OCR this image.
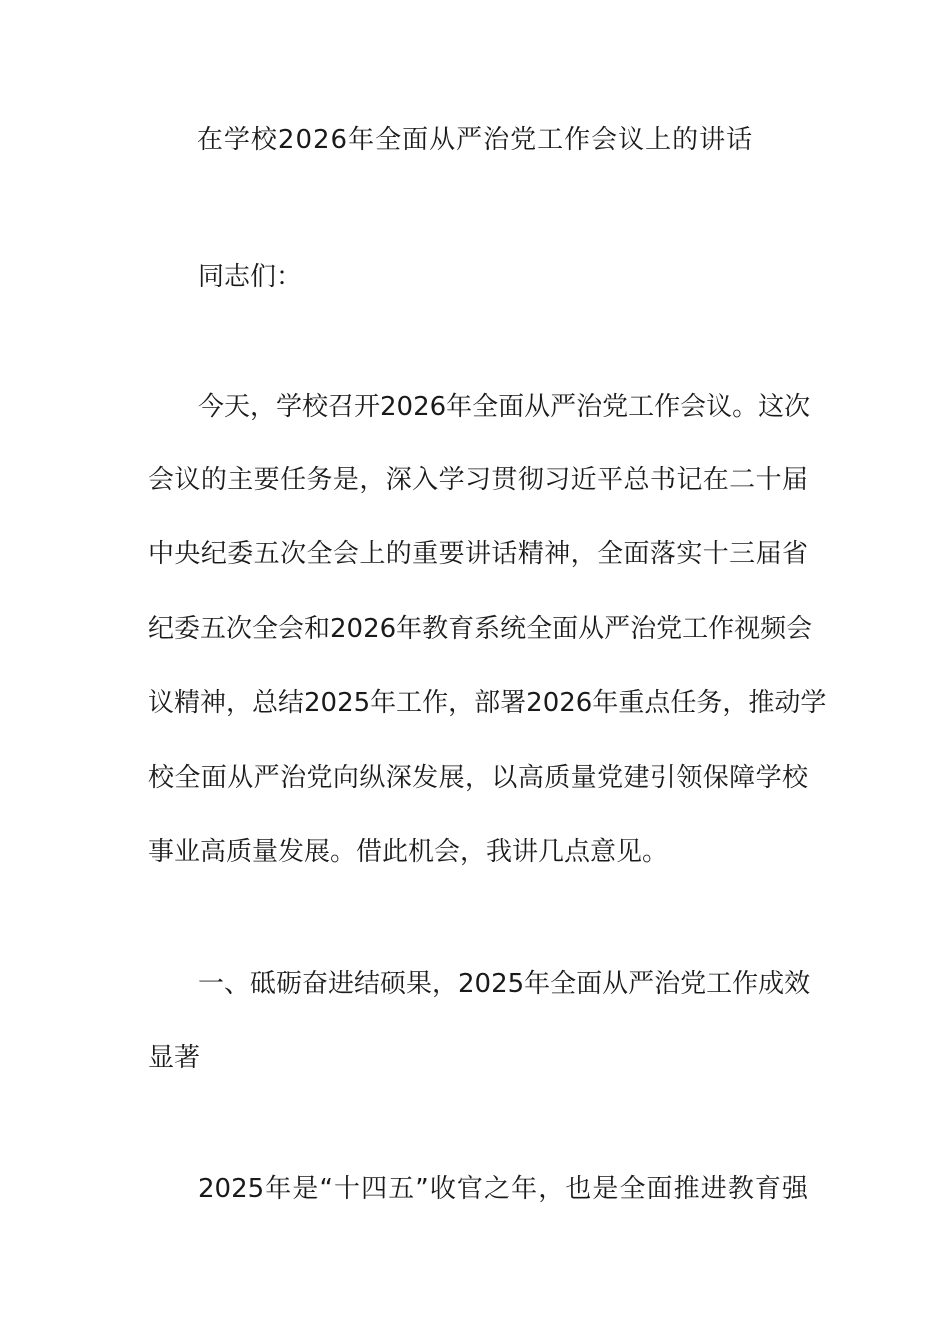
在学校2026年全面从严治党工作会议上的讲话
同志们：
今天，学校召开2026年全面从严治党工作会议。这次
会议的主要任务是，深入学习贯彻习近平总书记在二十届
中央纪委五次全会上的重要讲话精神，全面落实十三届省
纪委五次全会和2026年教育系统全面从严治党工作视频会
议精神，总结2025年工作，部署2026年重点任务，推动学
校全面从严治党向纵深发展，以高质量党建引领保障学校
事业高质量发展。借此机会，我讲几点意见。
一、砥砺奋进结硕果，2025年全面从严治党工作成效
显著
2025年是“十四五”收官之年，也是全面推进教育强
